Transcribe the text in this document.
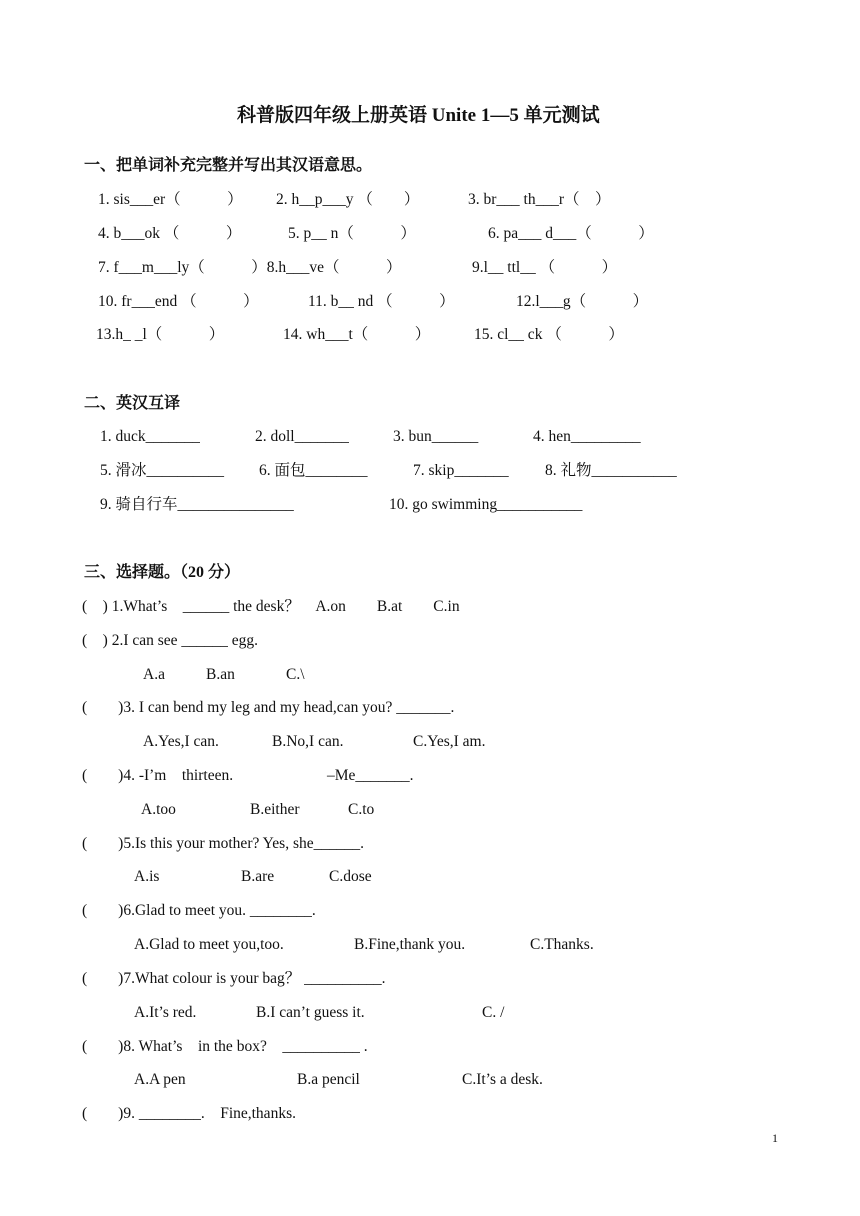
科普版四年级上册英语 Unite 1—5 单元测试
一、把单词补充完整并写出其汉语意思。
1. sis___er（　　　） 2. h__p___y （　　）	3. br___ th___r（　）
4. b___ok （　　　）	5. p__ n（　　　）	6. pa___ d___（　　　）
7. f___m___ly（　　　）8.h___ve（　　　）	9.l__ ttl__ （　　　）
10. fr___end （　　　）	11. b__ nd （　　　）	12.l___g（　　　）
13.h_ _l（　　　）	14. wh___t（　　　）	15. cl__ ck （　　　）
二、英汉互译
1. duck_______	2. doll_______	3. bun______	4. hen_________
5. 滑冰__________ 6. 面包________	7. skip_______ 8. 礼物___________
9. 骑自行车_______________	10. go swimming___________
三、选择题。（20 分）
(　) 1.What’s　______ the desk？　A.on　　B.at　　C.in
(　) 2.I can see ______ egg.
A.a	B.an	C.\
(　　)3. I can bend my leg and my head,can you? _______.
A.Yes,I can.	B.No,I can.	C.Yes,I am.
(　　)4. -I’m　thirteen.	–Me_______.
A.too	B.either	C.to
(　　)5.Is this your mother? Yes, she______.
A.is	B.are	C.dose
(　　)6.Glad to meet you. ________.
A.Glad to meet you,too.	B.Fine,thank you.	C.Thanks.
(　　)7.What colour is your bag？ __________.
A.It’s red.	B.I can’t guess it.	C. /
(　　)8. What’s　in the box?　__________ .
A.A pen	B.a pencil	C.It’s a desk.
(　　)9. ________.　Fine,thanks.
1
